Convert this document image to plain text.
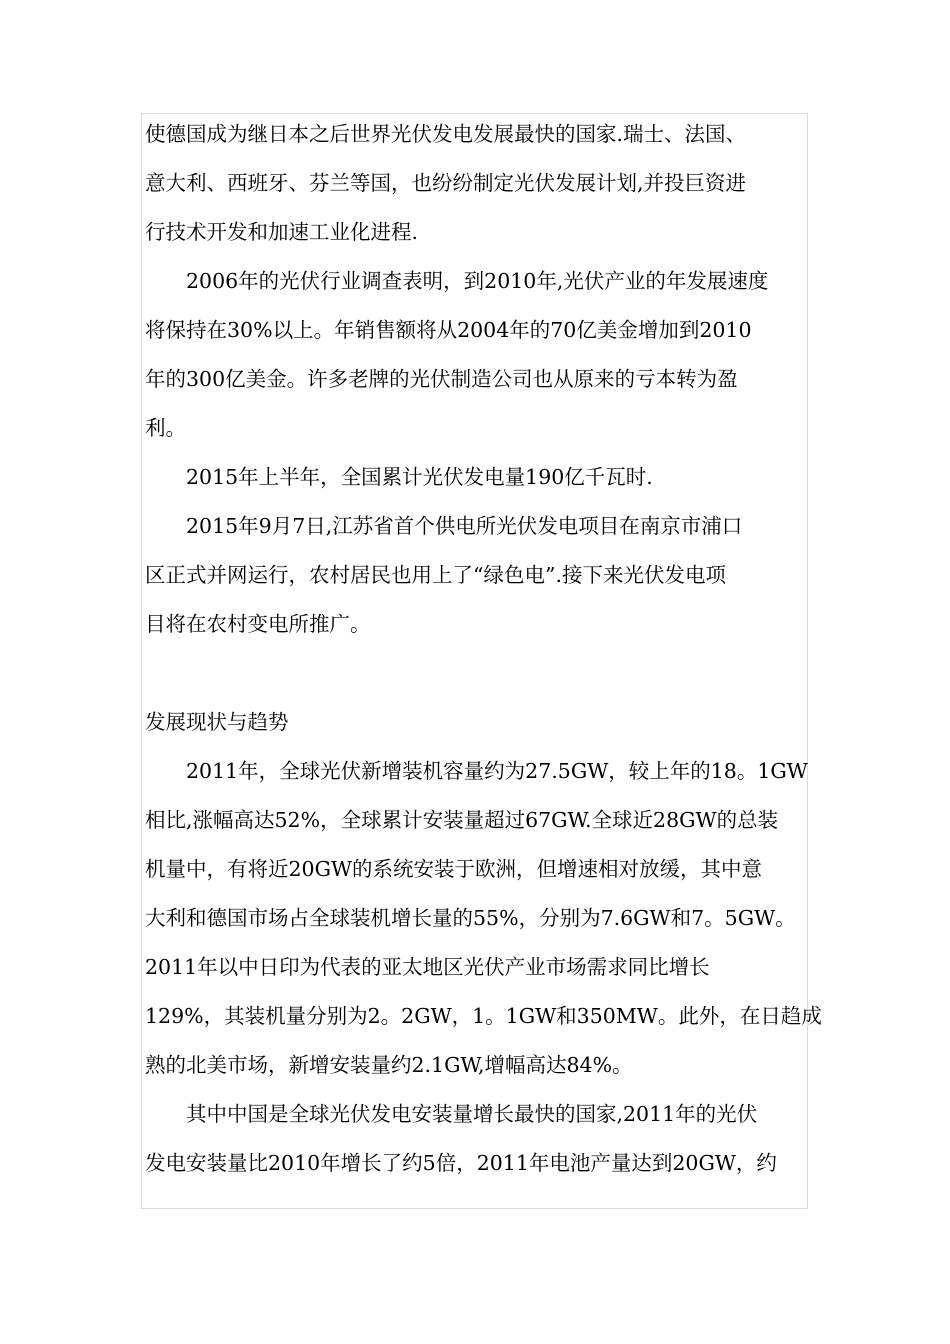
使德国成为继日本之后世界光伏发电发展最快的国家.瑞士、法国、
意大利、西班牙、芬兰等国，也纷纷制定光伏发展计划,并投巨资进
行技术开发和加速工业化进程.
　　2006年的光伏行业调查表明，到2010年,光伏产业的年发展速度
将保持在30%以上。年销售额将从2004年的70亿美金增加到2010
年的300亿美金。许多老牌的光伏制造公司也从原来的亏本转为盈
利。
　　2015年上半年，全国累计光伏发电量190亿千瓦时.
　　2015年9月7日,江苏省首个供电所光伏发电项目在南京市浦口
区正式并网运行，农村居民也用上了“绿色电”.接下来光伏发电项
目将在农村变电所推广。
发展现状与趋势
　　2011年，全球光伏新增装机容量约为27.5GW，较上年的18。1GW
相比,涨幅高达52%，全球累计安装量超过67GW.全球近28GW的总装
机量中，有将近20GW的系统安装于欧洲，但增速相对放缓，其中意
大利和德国市场占全球装机增长量的55%，分别为7.6GW和7。5GW。
2011年以中日印为代表的亚太地区光伏产业市场需求同比增长
129%，其装机量分别为2。2GW，1。1GW和350MW。此外，在日趋成
熟的北美市场，新增安装量约2.1GW,增幅高达84%。
　　其中中国是全球光伏发电安装量增长最快的国家,2011年的光伏
发电安装量比2010年增长了约5倍，2011年电池产量达到20GW，约
